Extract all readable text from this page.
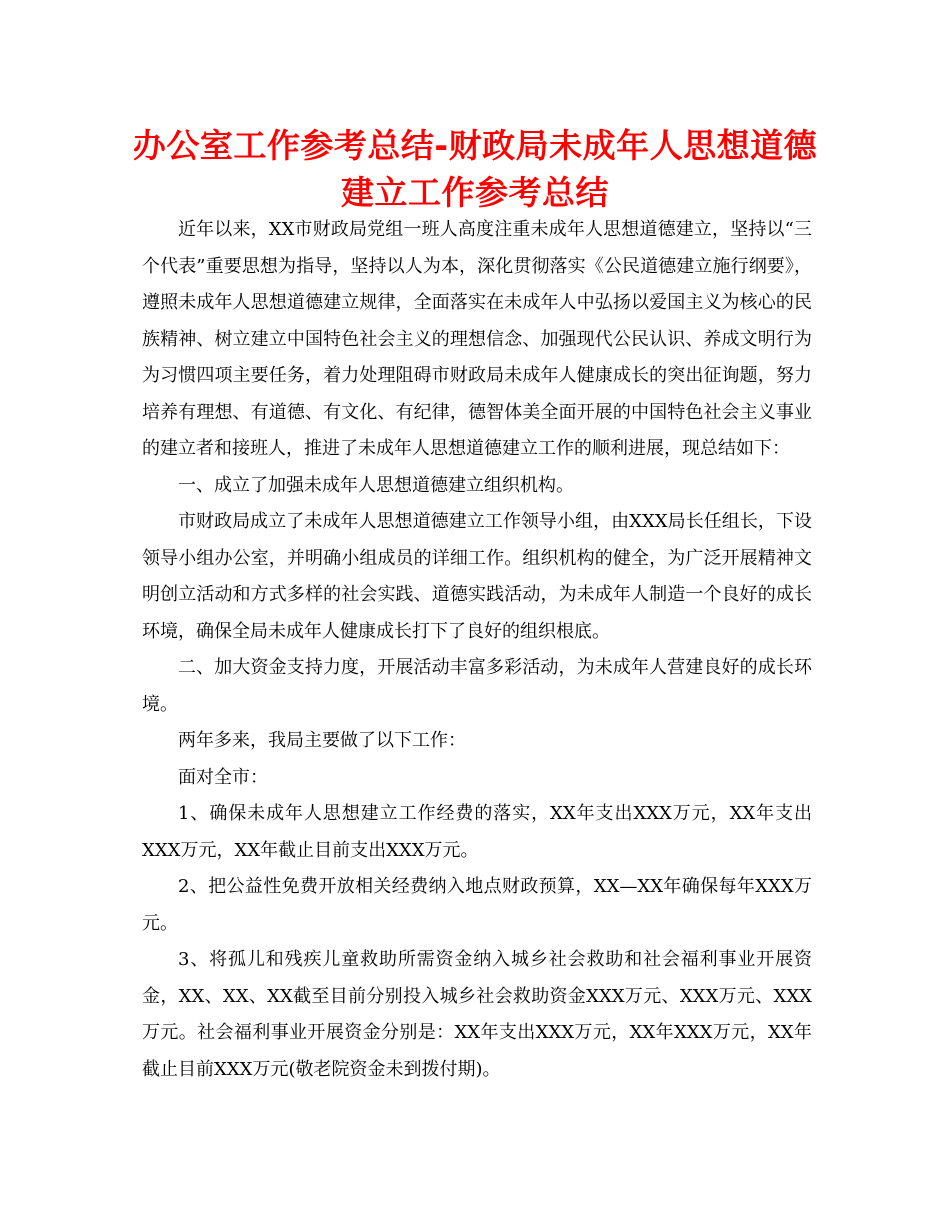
办公室工作参考总结-财政局未成年人思想道德建立工作参考总结

近年以来，XX市财政局党组一班人高度注重未成年人思想道德建立，坚持以“三个代表”重要思想为指导，坚持以人为本，深化贯彻落实《公民道德建立施行纲要》，遵照未成年人思想道德建立规律，全面落实在未成年人中弘扬以爱国主义为核心的民族精神、树立建立中国特色社会主义的理想信念、加强现代公民认识、养成文明行为为习惯四项主要任务，着力处理阻碍市财政局未成年人健康成长的突出征询题，努力培养有理想、有道德、有文化、有纪律，德智体美全面开展的中国特色社会主义事业的建立者和接班人，推进了未成年人思想道德建立工作的顺利进展，现总结如下：

一、成立了加强未成年人思想道德建立组织机构。

市财政局成立了未成年人思想道德建立工作领导小组，由XXX局长任组长，下设领导小组办公室，并明确小组成员的详细工作。组织机构的健全，为广泛开展精神文明创立活动和方式多样的社会实践、道德实践活动，为未成年人制造一个良好的成长环境，确保全局未成年人健康成长打下了良好的组织根底。

二、加大资金支持力度，开展活动丰富多彩活动，为未成年人营建良好的成长环境。

两年多来，我局主要做了以下工作：

面对全市：

1、确保未成年人思想建立工作经费的落实，XX年支出XXX万元，XX年支出XXX万元，XX年截止目前支出XXX万元。

2、把公益性免费开放相关经费纳入地点财政预算，XX—XX年确保每年XXX万元。

3、将孤儿和残疾儿童救助所需资金纳入城乡社会救助和社会福利事业开展资金，XX、XX、XX截至目前分别投入城乡社会救助资金XXX万元、XXX万元、XXX万元。社会福利事业开展资金分别是：XX年支出XXX万元，XX年XXX万元，XX年截止目前XXX万元(敬老院资金未到拨付期)。
